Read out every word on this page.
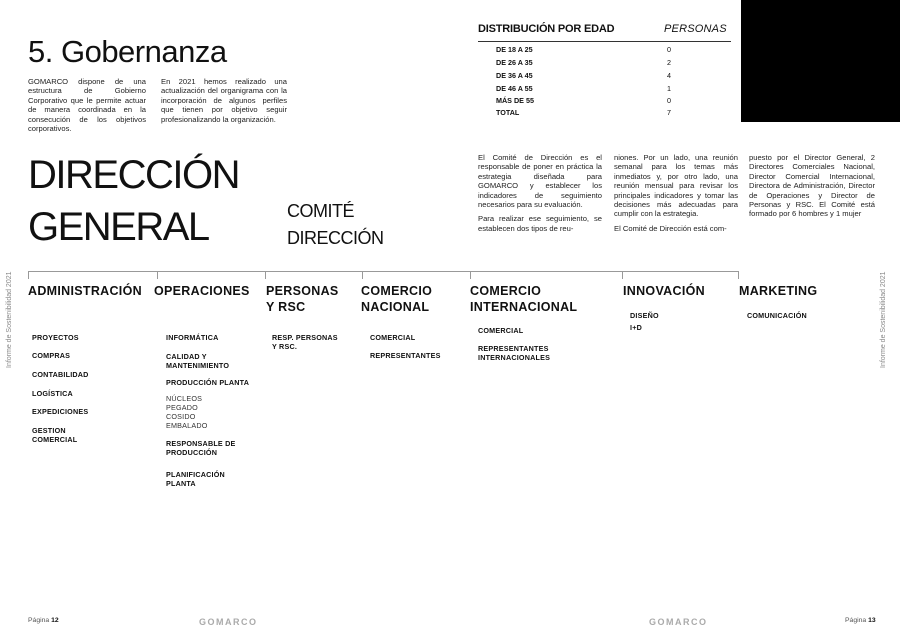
5. Gobernanza
GOMARCO dispone de una estructura de Gobierno Corporativo que le permite actuar de manera coordinada en la consecución de los objetivos corporativos.
En 2021 hemos realizado una actualización del organigrama con la incorporación de algunos perfiles que tienen por objetivo seguir profesionalizando la organización.
DISTRIBUCIÓN POR EDAD	PERSONAS
DE 18 A 25	0
DE 26 A 35	2
DE 36 A 45	4
DE 46 A 55	1
MÁS DE 55	0
TOTAL	7
DIRECCIÓN
GENERAL	COMITÉ
DIRECCIÓN

El Comité de Dirección es el responsable de poner en práctica la estrategia diseñada para GOMARCO y establecer los indicadores de seguimiento necesarios para su evaluación.

Para realizar ese seguimiento, se establecen dos tipos de reu-

niones. Por un lado, una reunión semanal para los temas más inmediatos y, por otro lado, una reunión mensual para revisar los principales indicadores y tomar las decisiones más adecuadas para cumplir con la estrategia.

El Comité de Dirección está com-

puesto por el Director General, 2 Directores Comerciales Nacional, Director Comercial Internacional, Directora de Administración, Director de Operaciones y Director de Personas y RSC. El Comité está formado por 6 hombres y 1 mujer

ADMINISTRACIÓN
PROYECTOS
COMPRAS
CONTABILIDAD
LOGÍSTICA
EXPEDICIONES
GESTION
COMERCIAL
OPERACIONES
INFORMÁTICA
CALIDAD Y
MANTENIMIENTO
PRODUCCIÓN PLANTA
NÚCLEOS
PEGADO
COSIDO
EMBALADO
RESPONSABLE DE
PRODUCCIÓN
PLANIFICACIÓN
PLANTA
PERSONAS
Y RSC
RESP. PERSONAS
Y RSC.
COMERCIO
NACIONAL
COMERCIAL
REPRESENTANTES
COMERCIO
INTERNACIONAL
COMERCIAL
REPRESENTANTES
INTERNACIONALES
INNOVACIÓN
DISEÑO
I+D
MARKETING
COMUNICACIÓN
Informe de Sostenibilidad 2021	Informe de Sostenibilidad 2021
Página 12	GOMARCO	GOMARCO	Página 13
